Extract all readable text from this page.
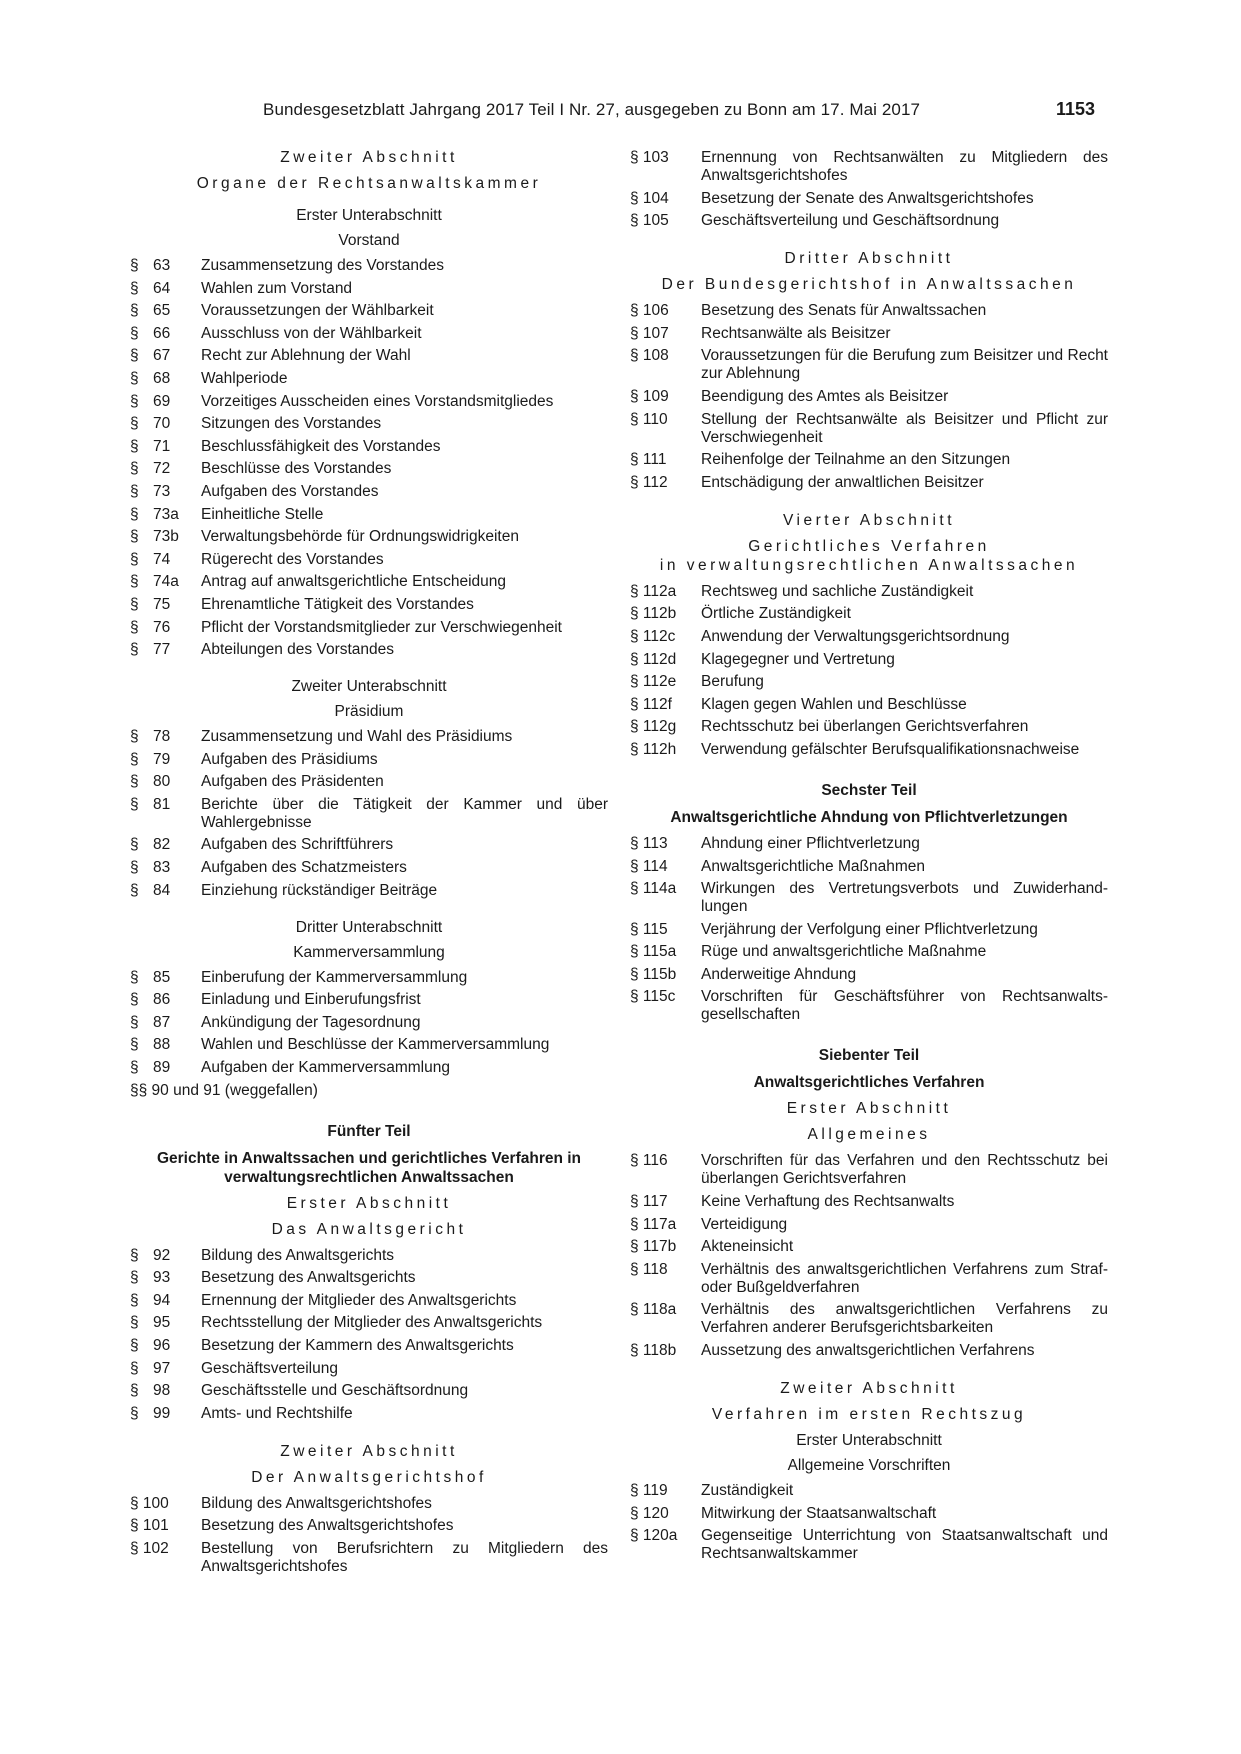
Bundesgesetzblatt Jahrgang 2017 Teil I Nr. 27, ausgegeben zu Bonn am 17. Mai 2017	1153
Zweiter Abschnitt
Organe der Rechtsanwaltskammer
Erster Unterabschnitt
Vorstand
§ 63	Zusammensetzung des Vorstandes
§ 64	Wahlen zum Vorstand
§ 65	Voraussetzungen der Wählbarkeit
§ 66	Ausschluss von der Wählbarkeit
§ 67	Recht zur Ablehnung der Wahl
§ 68	Wahlperiode
§ 69	Vorzeitiges Ausscheiden eines Vorstandsmitgliedes
§ 70	Sitzungen des Vorstandes
§ 71	Beschlussfähigkeit des Vorstandes
§ 72	Beschlüsse des Vorstandes
§ 73	Aufgaben des Vorstandes
§ 73a	Einheitliche Stelle
§ 73b	Verwaltungsbehörde für Ordnungswidrigkeiten
§ 74	Rügerecht des Vorstandes
§ 74a	Antrag auf anwaltsgerichtliche Entscheidung
§ 75	Ehrenamtliche Tätigkeit des Vorstandes
§ 76	Pflicht der Vorstandsmitglieder zur Verschwiegenheit
§ 77	Abteilungen des Vorstandes
Zweiter Unterabschnitt
Präsidium
§ 78	Zusammensetzung und Wahl des Präsidiums
§ 79	Aufgaben des Präsidiums
§ 80	Aufgaben des Präsidenten
§ 81	Berichte über die Tätigkeit der Kammer und über Wahlergebnisse
§ 82	Aufgaben des Schriftführers
§ 83	Aufgaben des Schatzmeisters
§ 84	Einziehung rückständiger Beiträge
Dritter Unterabschnitt
Kammerversammlung
§ 85	Einberufung der Kammerversammlung
§ 86	Einladung und Einberufungsfrist
§ 87	Ankündigung der Tagesordnung
§ 88	Wahlen und Beschlüsse der Kammerversammlung
§ 89	Aufgaben der Kammerversammlung
§§ 90 und 91 (weggefallen)
Fünfter Teil
Gerichte in Anwaltssachen und gerichtliches Verfahren in verwaltungsrechtlichen Anwaltssachen
Erster Abschnitt
Das Anwaltsgericht
§ 92	Bildung des Anwaltsgerichts
§ 93	Besetzung des Anwaltsgerichts
§ 94	Ernennung der Mitglieder des Anwaltsgerichts
§ 95	Rechtsstellung der Mitglieder des Anwaltsgerichts
§ 96	Besetzung der Kammern des Anwaltsgerichts
§ 97	Geschäftsverteilung
§ 98	Geschäftsstelle und Geschäftsordnung
§ 99	Amts- und Rechtshilfe
Zweiter Abschnitt
Der Anwaltsgerichtshof
§ 100	Bildung des Anwaltsgerichtshofes
§ 101	Besetzung des Anwaltsgerichtshofes
§ 102	Bestellung von Berufsrichtern zu Mitgliedern des Anwaltsgerichtshofes
§ 103	Ernennung von Rechtsanwälten zu Mitgliedern des Anwaltsgerichtshofes
§ 104	Besetzung der Senate des Anwaltsgerichtshofes
§ 105	Geschäftsverteilung und Geschäftsordnung
Dritter Abschnitt
Der Bundesgerichtshof in Anwaltssachen
§ 106	Besetzung des Senats für Anwaltssachen
§ 107	Rechtsanwälte als Beisitzer
§ 108	Voraussetzungen für die Berufung zum Beisitzer und Recht zur Ablehnung
§ 109	Beendigung des Amtes als Beisitzer
§ 110	Stellung der Rechtsanwälte als Beisitzer und Pflicht zur Verschwiegenheit
§ 111	Reihenfolge der Teilnahme an den Sitzungen
§ 112	Entschädigung der anwaltlichen Beisitzer
Vierter Abschnitt
Gerichtliches Verfahren
in verwaltungsrechtlichen Anwaltssachen
§ 112a	Rechtsweg und sachliche Zuständigkeit
§ 112b	Örtliche Zuständigkeit
§ 112c	Anwendung der Verwaltungsgerichtsordnung
§ 112d	Klagegegner und Vertretung
§ 112e	Berufung
§ 112f	Klagen gegen Wahlen und Beschlüsse
§ 112g	Rechtsschutz bei überlangen Gerichtsverfahren
§ 112h	Verwendung gefälschter Berufsqualifikationsnachweise
Sechster Teil
Anwaltsgerichtliche Ahndung von Pflichtverletzungen
§ 113	Ahndung einer Pflichtverletzung
§ 114	Anwaltsgerichtliche Maßnahmen
§ 114a	Wirkungen des Vertretungsverbots und Zuwiderhand-lungen
§ 115	Verjährung der Verfolgung einer Pflichtverletzung
§ 115a	Rüge und anwaltsgerichtliche Maßnahme
§ 115b	Anderweitige Ahndung
§ 115c	Vorschriften für Geschäftsführer von Rechtsanwalts-gesellschaften
Siebenter Teil
Anwaltsgerichtliches Verfahren
Erster Abschnitt
Allgemeines
§ 116	Vorschriften für das Verfahren und den Rechtsschutz bei überlangen Gerichtsverfahren
§ 117	Keine Verhaftung des Rechtsanwalts
§ 117a	Verteidigung
§ 117b	Akteneinsicht
§ 118	Verhältnis des anwaltsgerichtlichen Verfahrens zum Straf- oder Bußgeldverfahren
§ 118a	Verhältnis des anwaltsgerichtlichen Verfahrens zu Verfahren anderer Berufsgerichtsbarkeiten
§ 118b	Aussetzung des anwaltsgerichtlichen Verfahrens
Zweiter Abschnitt
Verfahren im ersten Rechtszug
Erster Unterabschnitt
Allgemeine Vorschriften
§ 119	Zuständigkeit
§ 120	Mitwirkung der Staatsanwaltschaft
§ 120a	Gegenseitige Unterrichtung von Staatsanwaltschaft und Rechtsanwaltskammer
